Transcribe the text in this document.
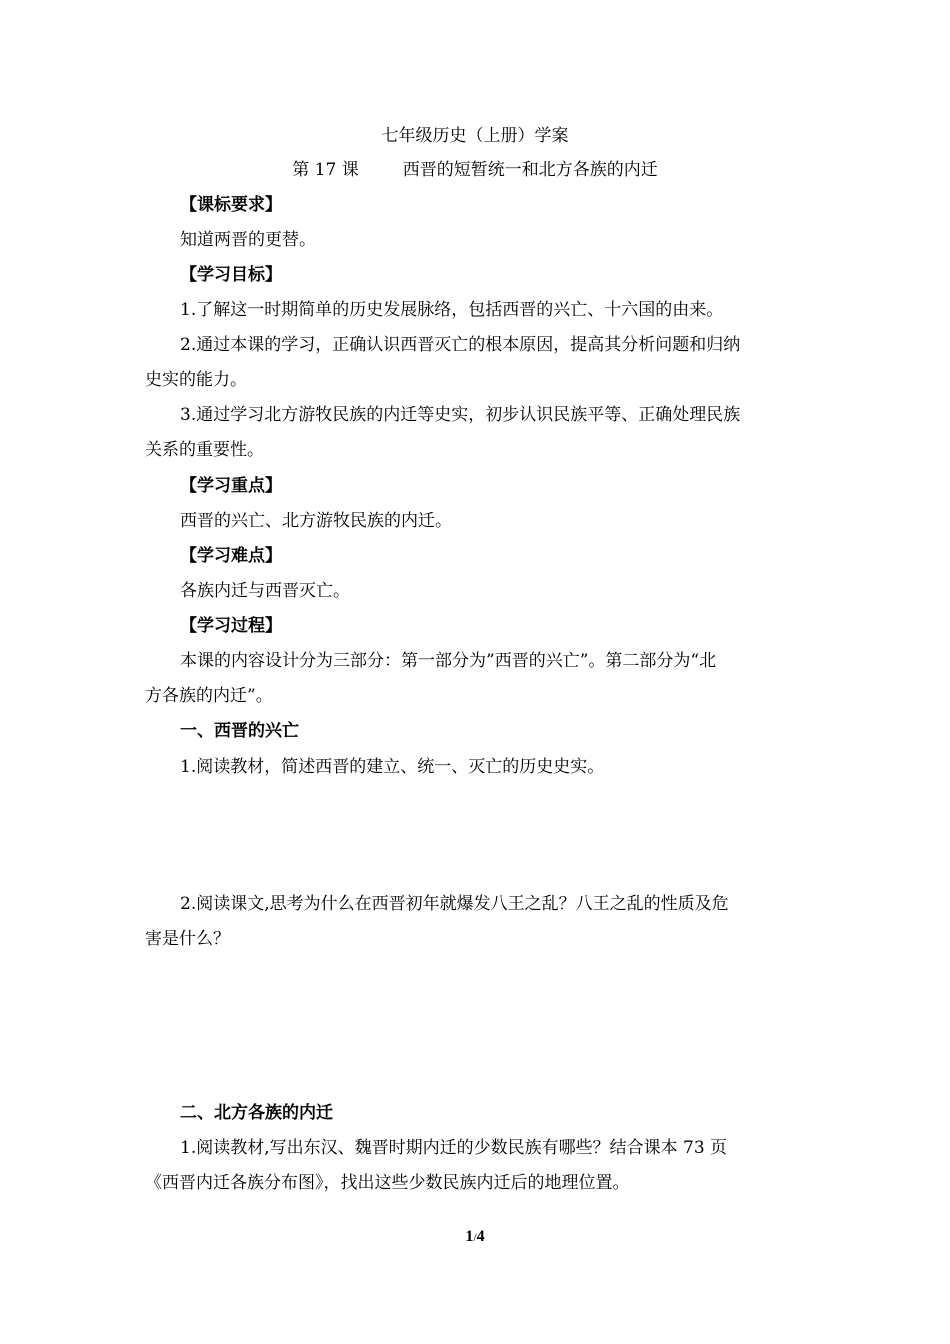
七年级历史（上册）学案
第 17 课	西晋的短暂统一和北方各族的内迁
【课标要求】
知道两晋的更替。
【学习目标】
1.了解这一时期简单的历史发展脉络，包括西晋的兴亡、十六国的由来。
2.通过本课的学习，正确认识西晋灭亡的根本原因，提高其分析问题和归纳
史实的能力。
3.通过学习北方游牧民族的内迁等史实，初步认识民族平等、正确处理民族
关系的重要性。
【学习重点】
西晋的兴亡、北方游牧民族的内迁。
【学习难点】
各族内迁与西晋灭亡。
【学习过程】
本课的内容设计分为三部分：第一部分为”西晋的兴亡”。第二部分为“北
方各族的内迁”。
一、西晋的兴亡
1.阅读教材，简述西晋的建立、统一、灭亡的历史史实。
2.阅读课文,思考为什么在西晋初年就爆发八王之乱？八王之乱的性质及危
害是什么？
二、北方各族的内迁
1.阅读教材,写出东汉、魏晋时期内迁的少数民族有哪些？结合课本 73 页
《西晋内迁各族分布图》，找出这些少数民族内迁后的地理位置。
1/4
